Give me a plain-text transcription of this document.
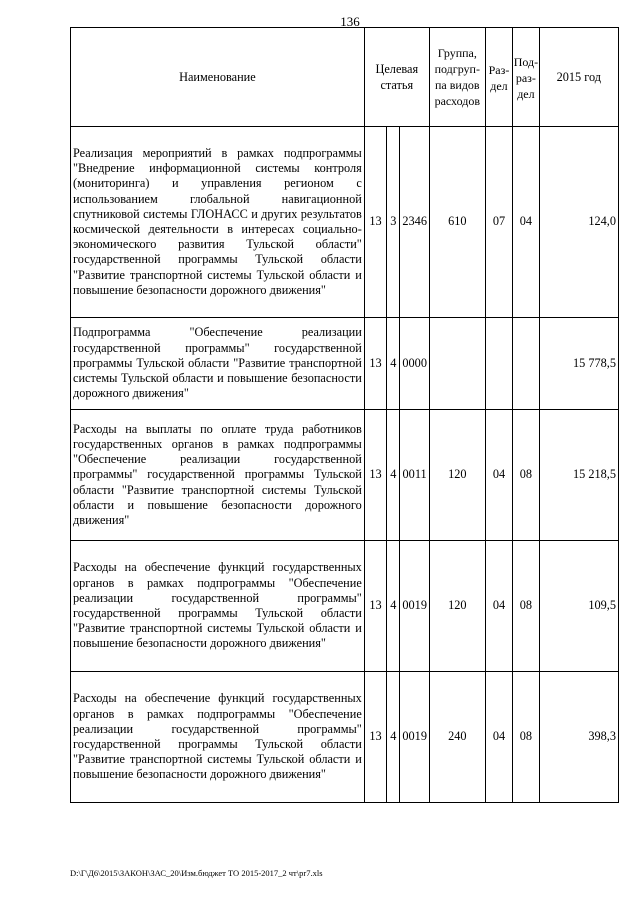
136
Наименование	Целевая статья			Группа, подгруп-па видов расходов	Раз-дел	Под-раз-дел	2015 год
Реализация мероприятий в рамках подпрограммы "Внедрение информационной системы контроля (мониторинга) и управления регионом с использованием глобальной навигационной спутниковой системы ГЛОНАСС и других результатов космической деятельности в интересах социально-экономического развития Тульской области" государственной программы Тульской области "Развитие транспортной системы Тульской области и повышение безопасности дорожного движения"	13	3	2346	610	07	04	124,0
Подпрограмма "Обеспечение реализации государственной программы" государственной программы Тульской области "Развитие транспортной системы Тульской области и повышение безопасности дорожного движения"	13	4	0000				15 778,5
Расходы на выплаты по оплате труда работников государственных органов в рамках подпрограммы "Обеспечение реализации государственной программы" государственной программы Тульской области "Развитие транспортной системы Тульской области и повышение безопасности дорожного движения"	13	4	0011	120	04	08	15 218,5
Расходы на обеспечение функций государственных органов в рамках подпрограммы "Обеспечение реализации государственной программы" государственной программы Тульской области "Развитие транспортной системы Тульской области и повышение безопасности дорожного движения"	13	4	0019	120	04	08	109,5
Расходы на обеспечение функций государственных органов в рамках подпрограммы "Обеспечение реализации государственной программы" государственной программы Тульской области "Развитие транспортной системы Тульской области и повышение безопасности дорожного движения"	13	4	0019	240	04	08	398,3
D:\Г\Д6\2015\ЗАКОН\ЗАС_20\Изм.бюджет ТО 2015-2017_2 чт\pr7.xls
